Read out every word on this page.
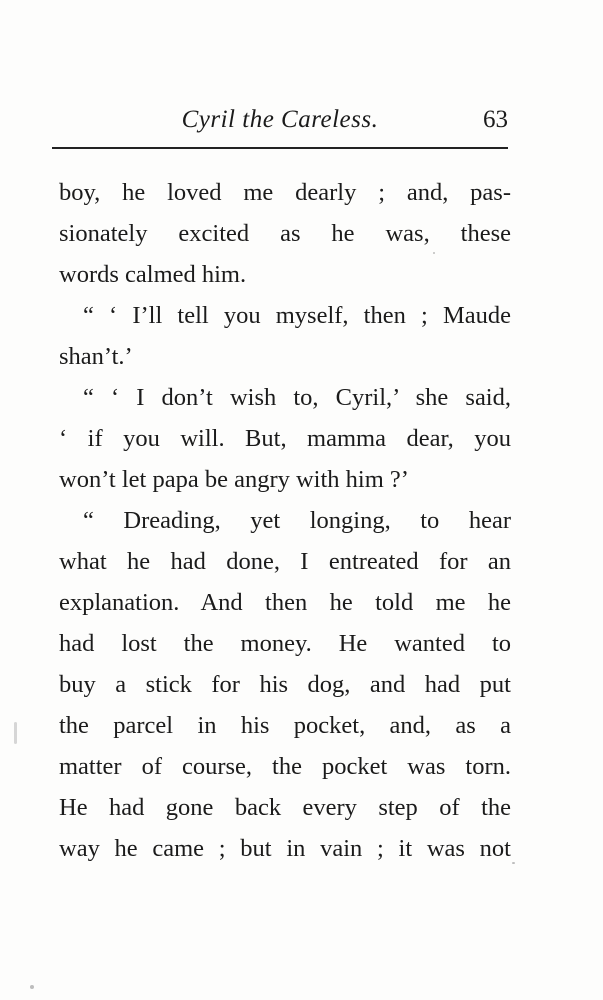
Cyril the Careless.	63
boy, he loved me dearly ; and, pas-
sionately excited as he was, these
words calmed him.
“ ‘ I’ll tell you myself, then ; Maude
shan’t.’
“ ‘ I don’t wish to, Cyril,’ she said,
‘ if you will. But, mamma dear, you
won’t let papa be angry with him ?’
“ Dreading, yet longing, to hear
what he had done, I entreated for an
explanation. And then he told me he
had lost the money. He wanted to
buy a stick for his dog, and had put
the parcel in his pocket, and, as a
matter of course, the pocket was torn.
He had gone back every step of the
way he came ; but in vain ; it was not
